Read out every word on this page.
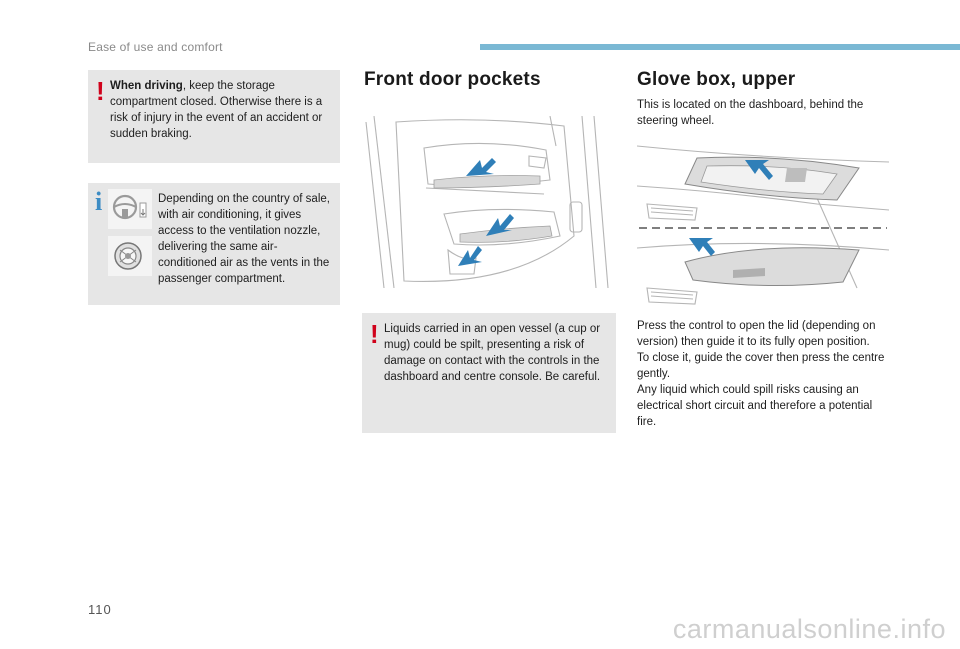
Ease of use and comfort
! When driving, keep the storage compartment closed. Otherwise there is a risk of injury in the event of an accident or sudden braking.
i	Depending on the country of sale, with air conditioning, it gives access to the ventilation nozzle, delivering the same air-conditioned air as the vents in the passenger compartment.
Front door pockets
! Liquids carried in an open vessel (a cup or mug) could be spilt, presenting a risk of damage on contact with the controls in the dashboard and centre console. Be careful.
Glove box, upper
This is located on the dashboard, behind the steering wheel.
Press the control to open the lid (depending on version) then guide it to its fully open position.
To close it, guide the cover then press the centre gently.
Any liquid which could spill risks causing an electrical short circuit and therefore a potential fire.
110
carmanualsonline.info
